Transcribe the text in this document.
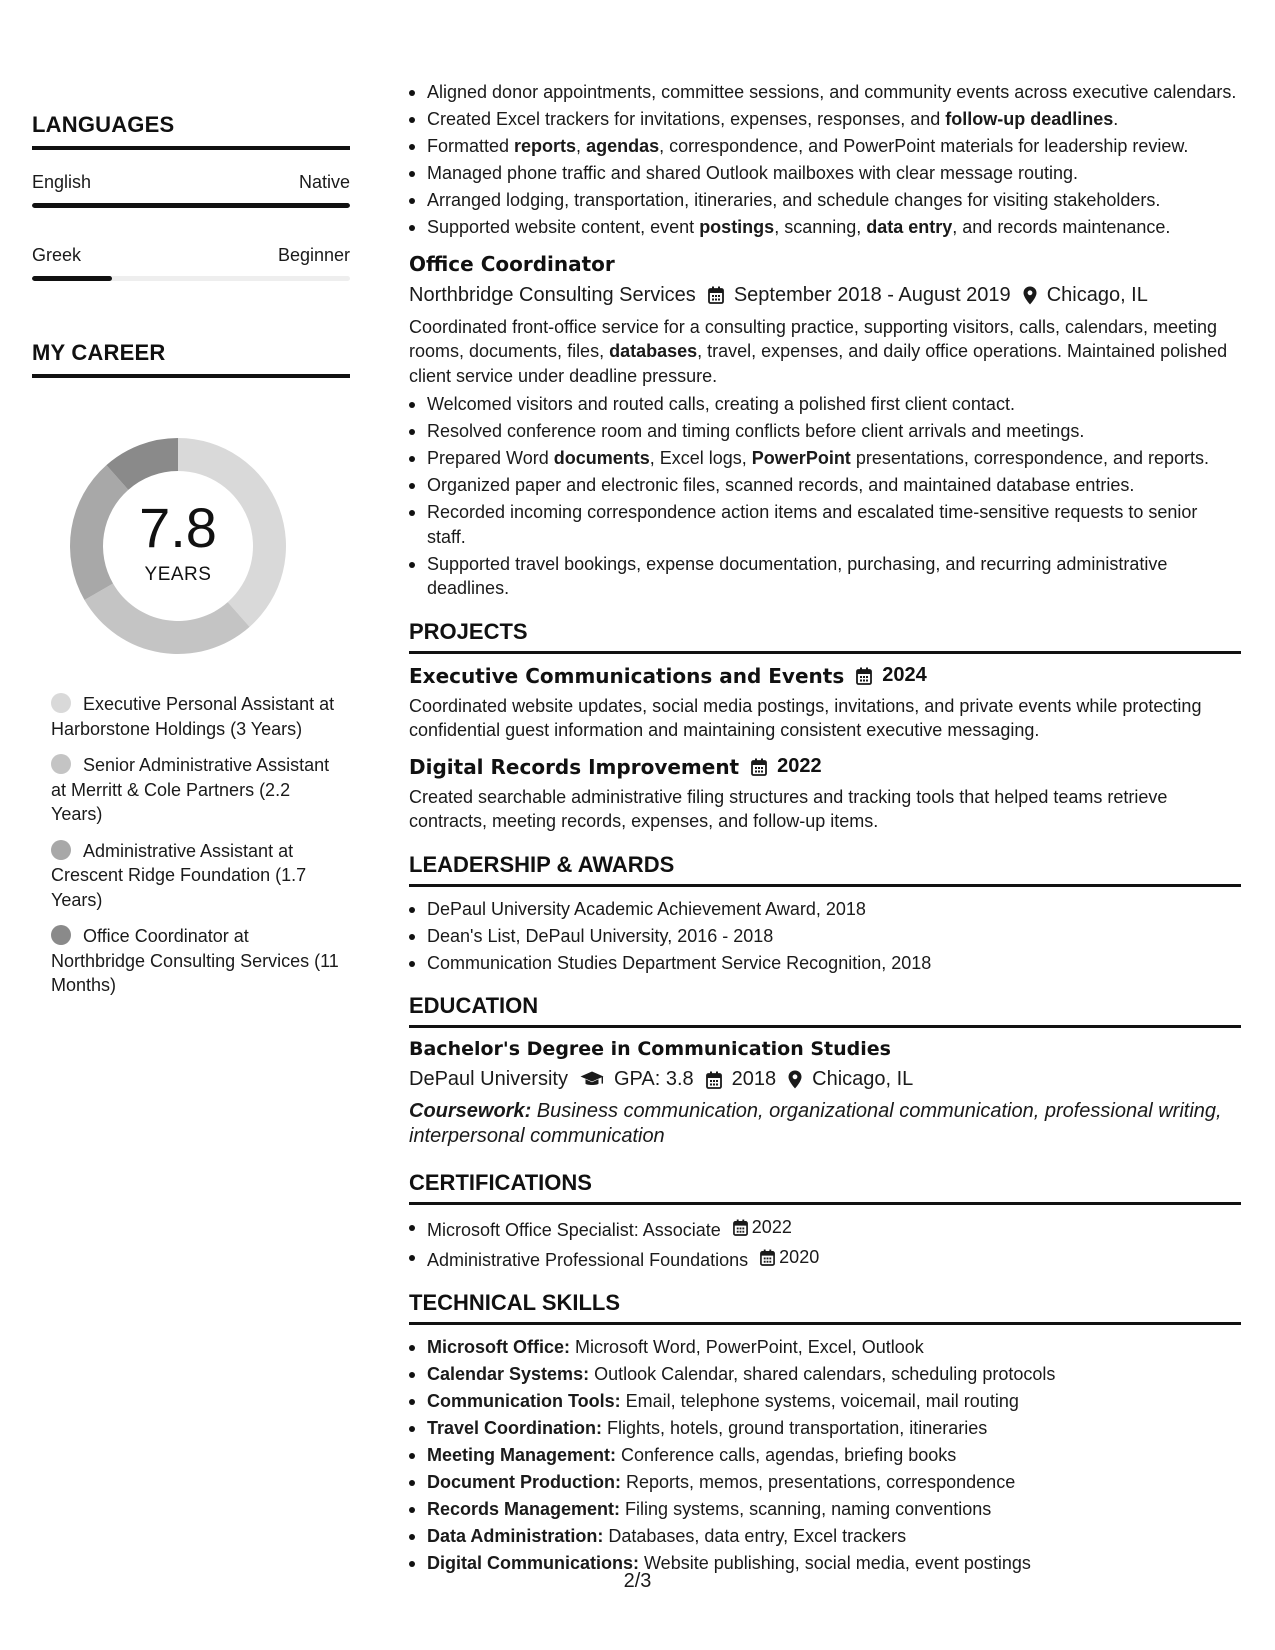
LANGUAGES
English	Native
Greek	Beginner
MY CAREER
7.8
YEARS
Executive Personal Assistant at Harborstone Holdings (3 Years)
Senior Administrative Assistant at Merritt & Cole Partners (2.2 Years)
Administrative Assistant at Crescent Ridge Foundation (1.7 Years)
Office Coordinator at Northbridge Consulting Services (11 Months)
Aligned donor appointments, committee sessions, and community events across executive calendars.
Created Excel trackers for invitations, expenses, responses, and follow-up deadlines.
Formatted reports, agendas, correspondence, and PowerPoint materials for leadership review.
Managed phone traffic and shared Outlook mailboxes with clear message routing.
Arranged lodging, transportation, itineraries, and schedule changes for visiting stakeholders.
Supported website content, event postings, scanning, data entry, and records maintenance.
Office Coordinator
Northbridge Consulting Services September 2018 - August 2019 Chicago, IL
Coordinated front-office service for a consulting practice, supporting visitors, calls, calendars, meeting rooms, documents, files, databases, travel, expenses, and daily office operations. Maintained polished client service under deadline pressure.
Welcomed visitors and routed calls, creating a polished first client contact.
Resolved conference room and timing conflicts before client arrivals and meetings.
Prepared Word documents, Excel logs, PowerPoint presentations, correspondence, and reports.
Organized paper and electronic files, scanned records, and maintained database entries.
Recorded incoming correspondence action items and escalated time-sensitive requests to senior staff.
Supported travel bookings, expense documentation, purchasing, and recurring administrative deadlines.
PROJECTS
Executive Communications and Events 2024
Coordinated website updates, social media postings, invitations, and private events while protecting confidential guest information and maintaining consistent executive messaging.
Digital Records Improvement 2022
Created searchable administrative filing structures and tracking tools that helped teams retrieve contracts, meeting records, expenses, and follow-up items.
LEADERSHIP & AWARDS
DePaul University Academic Achievement Award, 2018
Dean's List, DePaul University, 2016 - 2018
Communication Studies Department Service Recognition, 2018
EDUCATION
Bachelor's Degree in Communication Studies
DePaul University GPA: 3.8 2018 Chicago, IL
Coursework: Business communication, organizational communication, professional writing, interpersonal communication
CERTIFICATIONS
Microsoft Office Specialist: Associate 2022
Administrative Professional Foundations 2020
TECHNICAL SKILLS
Microsoft Office: Microsoft Word, PowerPoint, Excel, Outlook
Calendar Systems: Outlook Calendar, shared calendars, scheduling protocols
Communication Tools: Email, telephone systems, voicemail, mail routing
Travel Coordination: Flights, hotels, ground transportation, itineraries
Meeting Management: Conference calls, agendas, briefing books
Document Production: Reports, memos, presentations, correspondence
Records Management: Filing systems, scanning, naming conventions
Data Administration: Databases, data entry, Excel trackers
Digital Communications: Website publishing, social media, event postings
2/3
